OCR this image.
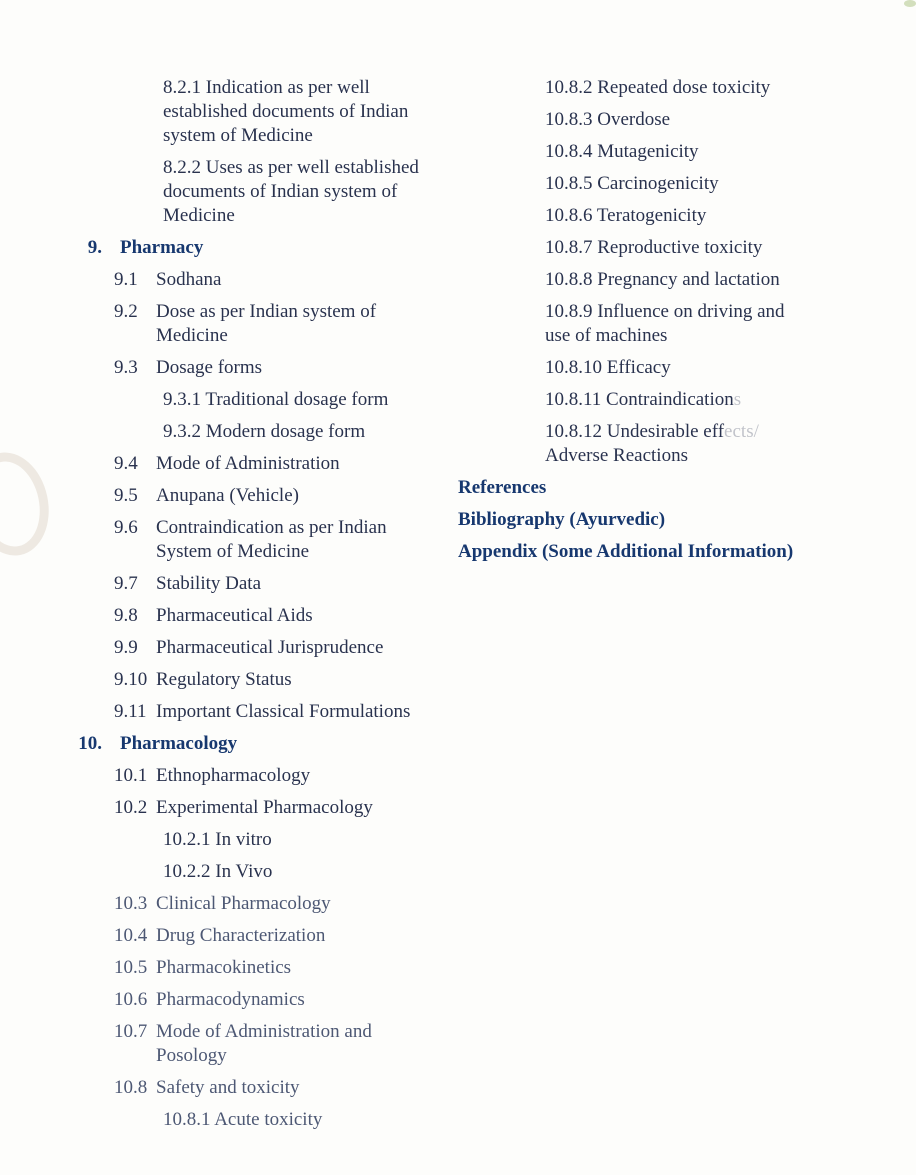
8.2.1 Indication as per well
established documents of Indian
system of Medicine
8.2.2 Uses as per well established
documents of Indian system of
Medicine
9. Pharmacy
9.1 Sodhana
9.2 Dose as per Indian system of
Medicine
9.3 Dosage forms
9.3.1 Traditional dosage form
9.3.2 Modern dosage form
9.4 Mode of Administration
9.5 Anupana (Vehicle)
9.6 Contraindication as per Indian
System of Medicine
9.7 Stability Data
9.8 Pharmaceutical Aids
9.9 Pharmaceutical Jurisprudence
9.10 Regulatory Status
9.11 Important Classical Formulations
10. Pharmacology
10.1 Ethnopharmacology
10.2 Experimental Pharmacology
10.2.1 In vitro
10.2.2 In Vivo
10.3 Clinical Pharmacology
10.4 Drug Characterization
10.5 Pharmacokinetics
10.6 Pharmacodynamics
10.7 Mode of Administration and
Posology
10.8 Safety and toxicity
10.8.1 Acute toxicity
10.8.2 Repeated dose toxicity
10.8.3 Overdose
10.8.4 Mutagenicity
10.8.5 Carcinogenicity
10.8.6 Teratogenicity
10.8.7 Reproductive toxicity
10.8.8 Pregnancy and lactation
10.8.9 Influence on driving and
use of machines
10.8.10 Efficacy
10.8.11 Contraindications
10.8.12 Undesirable effects/
Adverse Reactions
References
Bibliography (Ayurvedic)
Appendix (Some Additional Information)
